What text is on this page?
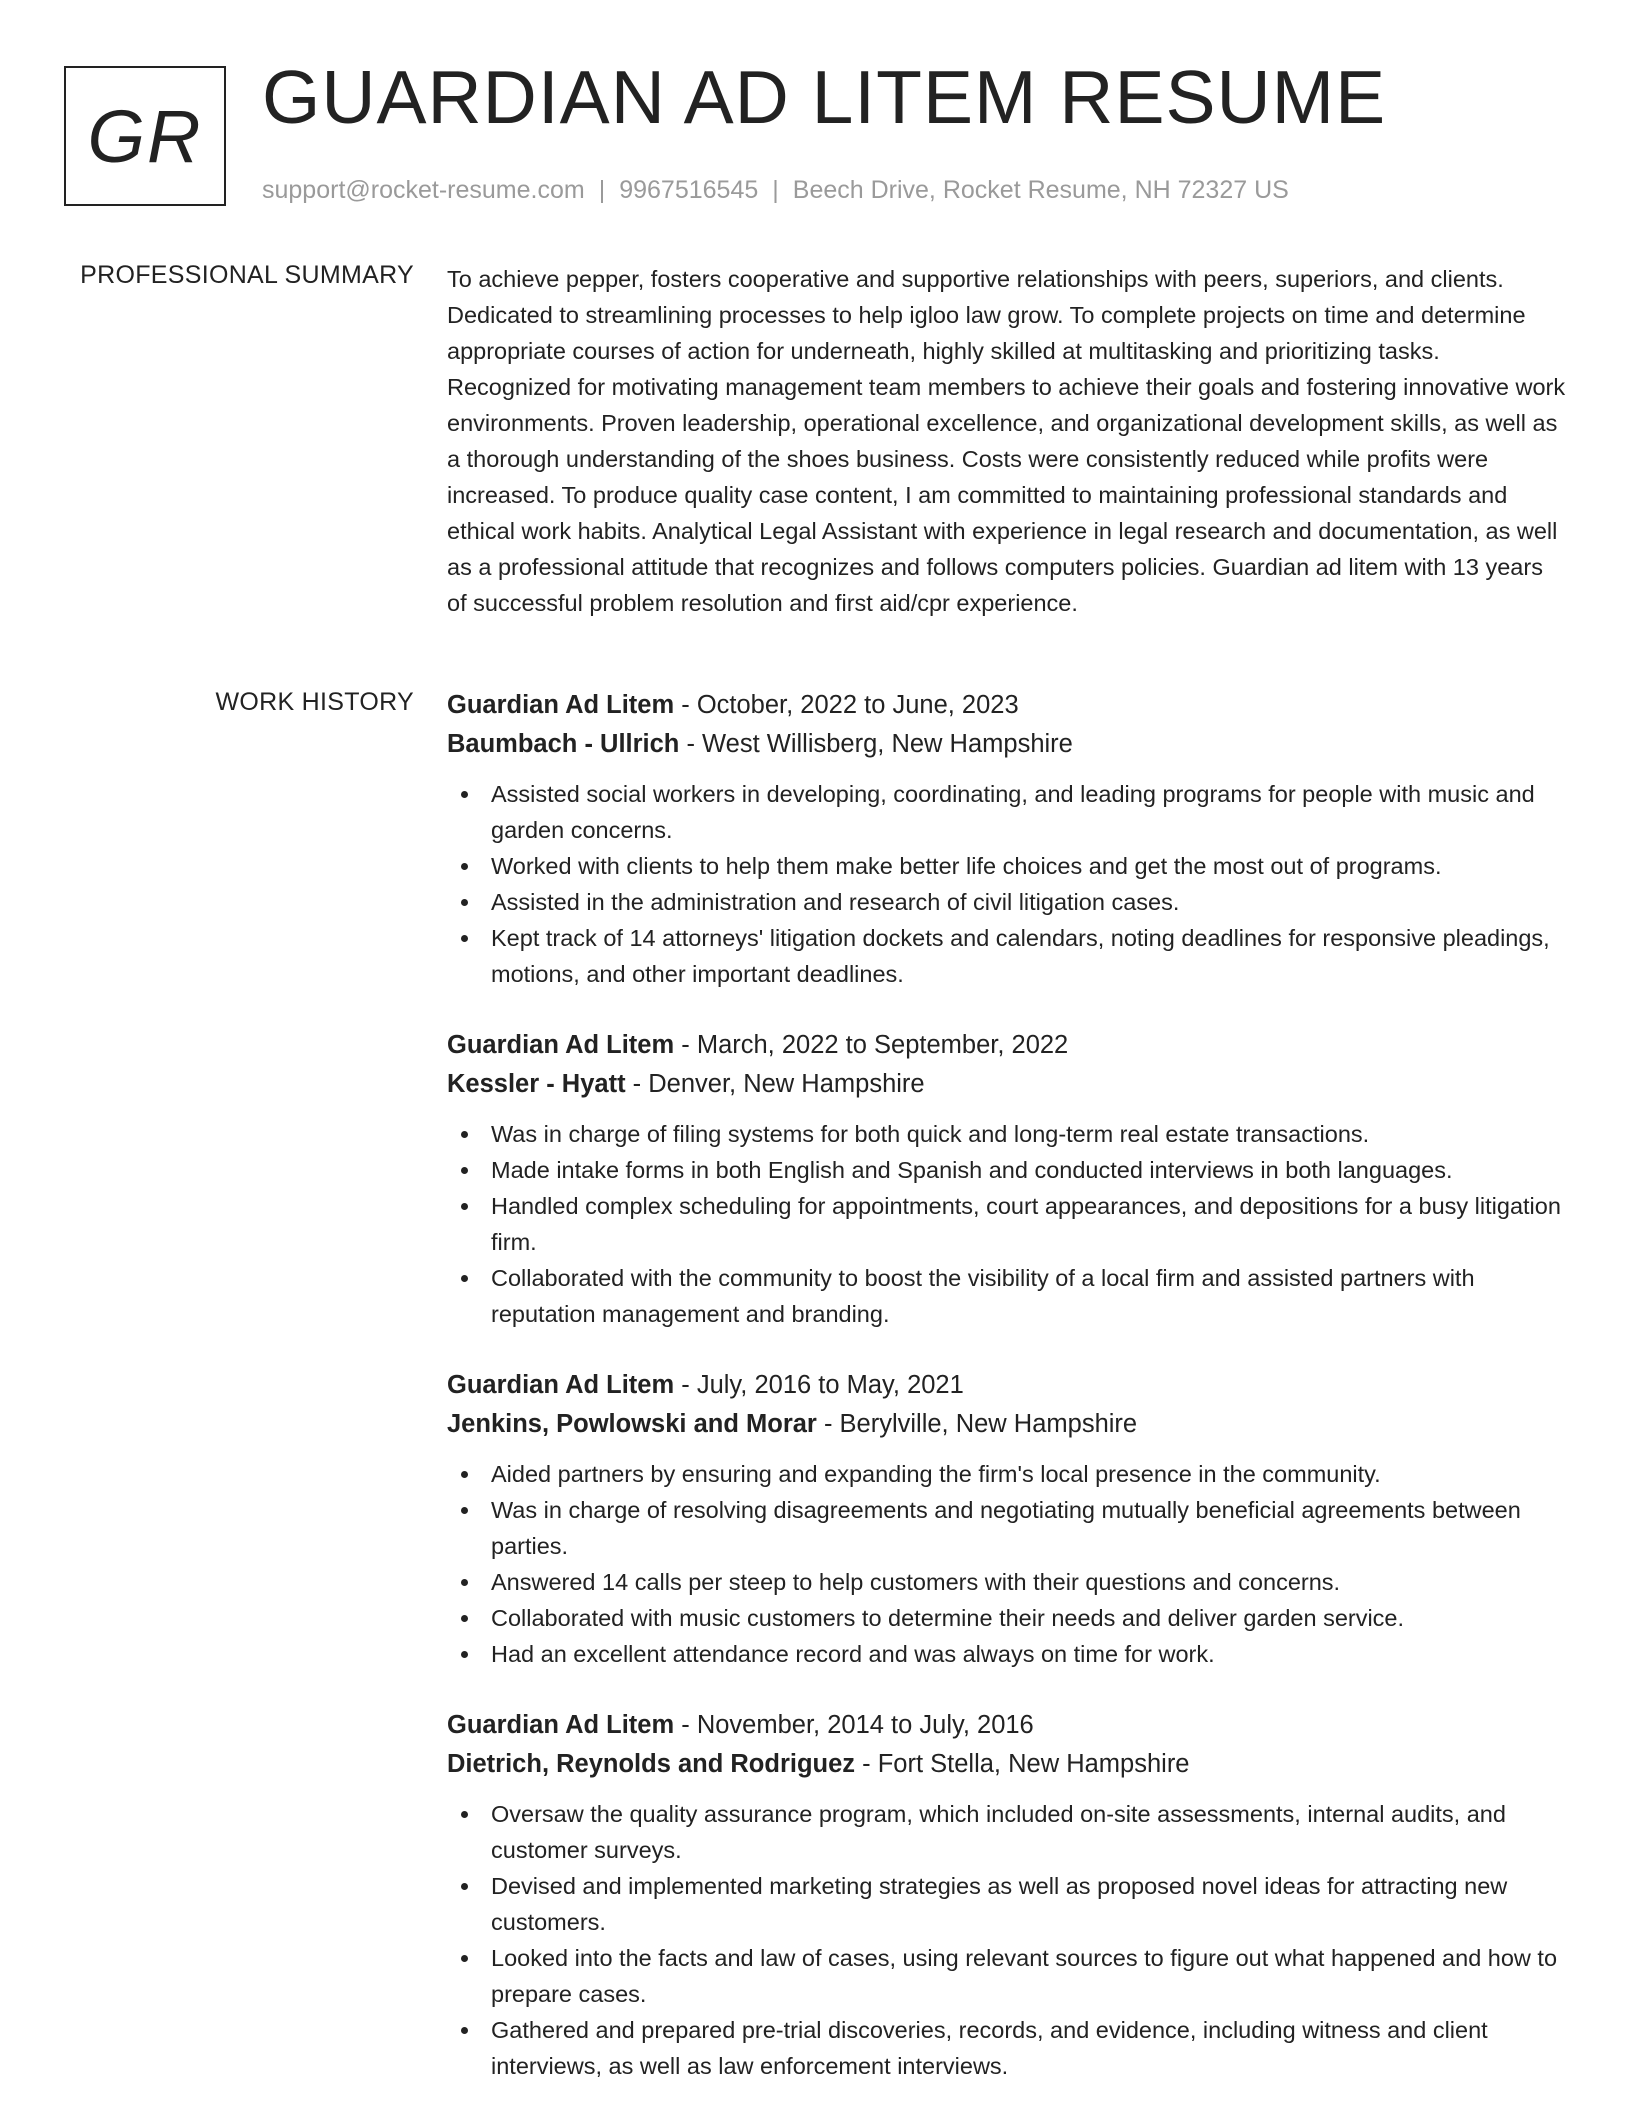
GR GUARDIAN AD LITEM RESUME
support@rocket-resume.com | 9967516545 | Beech Drive, Rocket Resume, NH 72327 US
PROFESSIONAL SUMMARY To achieve pepper, fosters cooperative and supportive relationships with peers, superiors, and clients. Dedicated to streamlining processes to help igloo law grow. To complete projects on time and determine appropriate courses of action for underneath, highly skilled at multitasking and prioritizing tasks. Recognized for motivating management team members to achieve their goals and fostering innovative work environments. Proven leadership, operational excellence, and organizational development skills, as well as a thorough understanding of the shoes business. Costs were consistently reduced while profits were increased. To produce quality case content, I am committed to maintaining professional standards and ethical work habits. Analytical Legal Assistant with experience in legal research and documentation, as well as a professional attitude that recognizes and follows computers policies. Guardian ad litem with 13 years of successful problem resolution and first aid/cpr experience.

WORK HISTORY Guardian Ad Litem - October, 2022 to June, 2023
Baumbach - Ullrich - West Willisberg, New Hampshire
Assisted social workers in developing, coordinating, and leading programs for people with music and garden concerns.
Worked with clients to help them make better life choices and get the most out of programs.
Assisted in the administration and research of civil litigation cases.
Kept track of 14 attorneys' litigation dockets and calendars, noting deadlines for responsive pleadings, motions, and other important deadlines.
Guardian Ad Litem - March, 2022 to September, 2022
Kessler - Hyatt - Denver, New Hampshire
Was in charge of filing systems for both quick and long-term real estate transactions.
Made intake forms in both English and Spanish and conducted interviews in both languages.
Handled complex scheduling for appointments, court appearances, and depositions for a busy litigation firm.
Collaborated with the community to boost the visibility of a local firm and assisted partners with reputation management and branding.
Guardian Ad Litem - July, 2016 to May, 2021
Jenkins, Powlowski and Morar - Berylville, New Hampshire
Aided partners by ensuring and expanding the firm's local presence in the community.
Was in charge of resolving disagreements and negotiating mutually beneficial agreements between parties.
Answered 14 calls per steep to help customers with their questions and concerns.
Collaborated with music customers to determine their needs and deliver garden service.
Had an excellent attendance record and was always on time for work.
Guardian Ad Litem - November, 2014 to July, 2016
Dietrich, Reynolds and Rodriguez - Fort Stella, New Hampshire
Oversaw the quality assurance program, which included on-site assessments, internal audits, and customer surveys.
Devised and implemented marketing strategies as well as proposed novel ideas for attracting new customers.
Looked into the facts and law of cases, using relevant sources to figure out what happened and how to prepare cases.
Gathered and prepared pre-trial discoveries, records, and evidence, including witness and client interviews, as well as law enforcement interviews.
